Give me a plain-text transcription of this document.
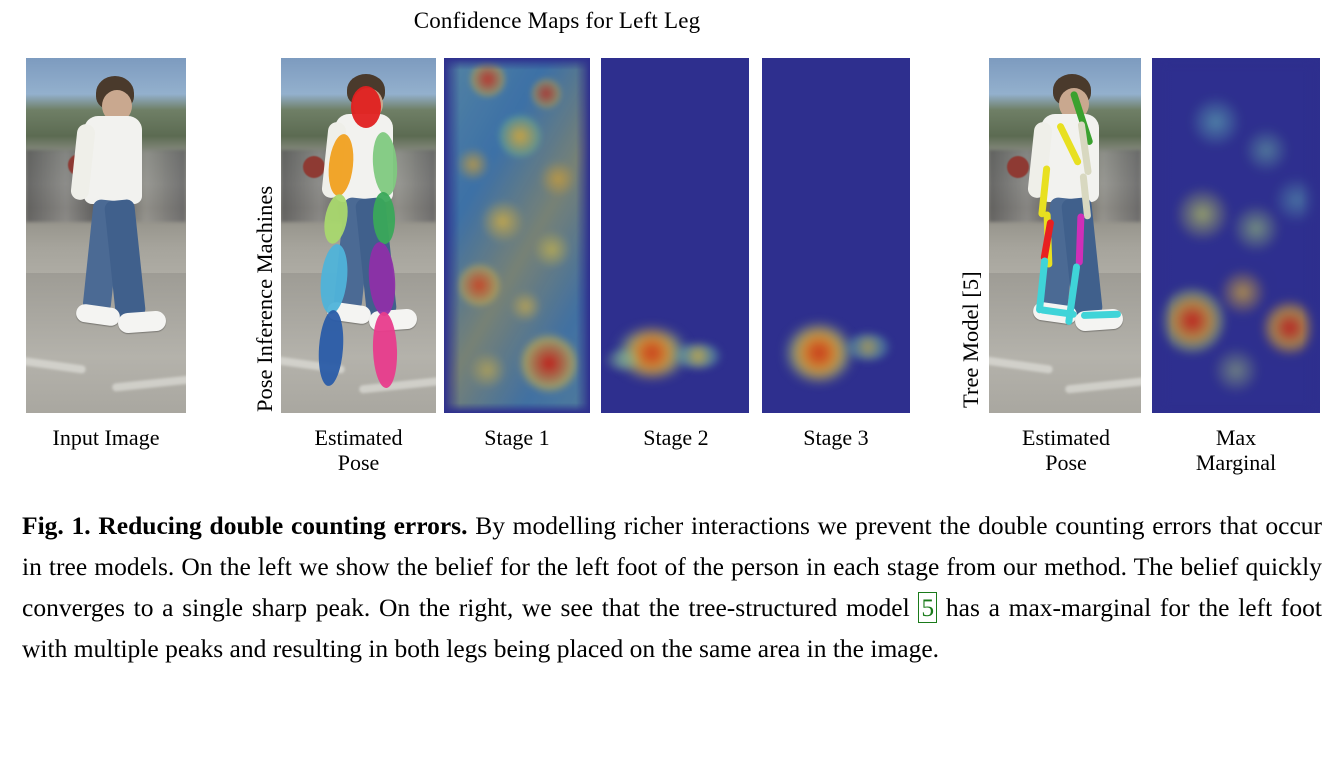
Confidence Maps for Left Leg
Pose Inference Machines	Tree Model [5]
Input Image	Estimated
Pose
Stage 1	Stage 2	Stage 3	Estimated
Pose
Max
Marginal
Fig. 1. Reducing double counting errors. By modelling richer interactions we prevent the double counting errors that occur in tree models. On the left we show the belief for the left foot of the person in each stage from our method. The belief quickly converges to a single sharp peak. On the right, we see that the tree-structured model 5 has a max-marginal for the left foot with multiple peaks and resulting in both legs being placed on the same area in the image.
